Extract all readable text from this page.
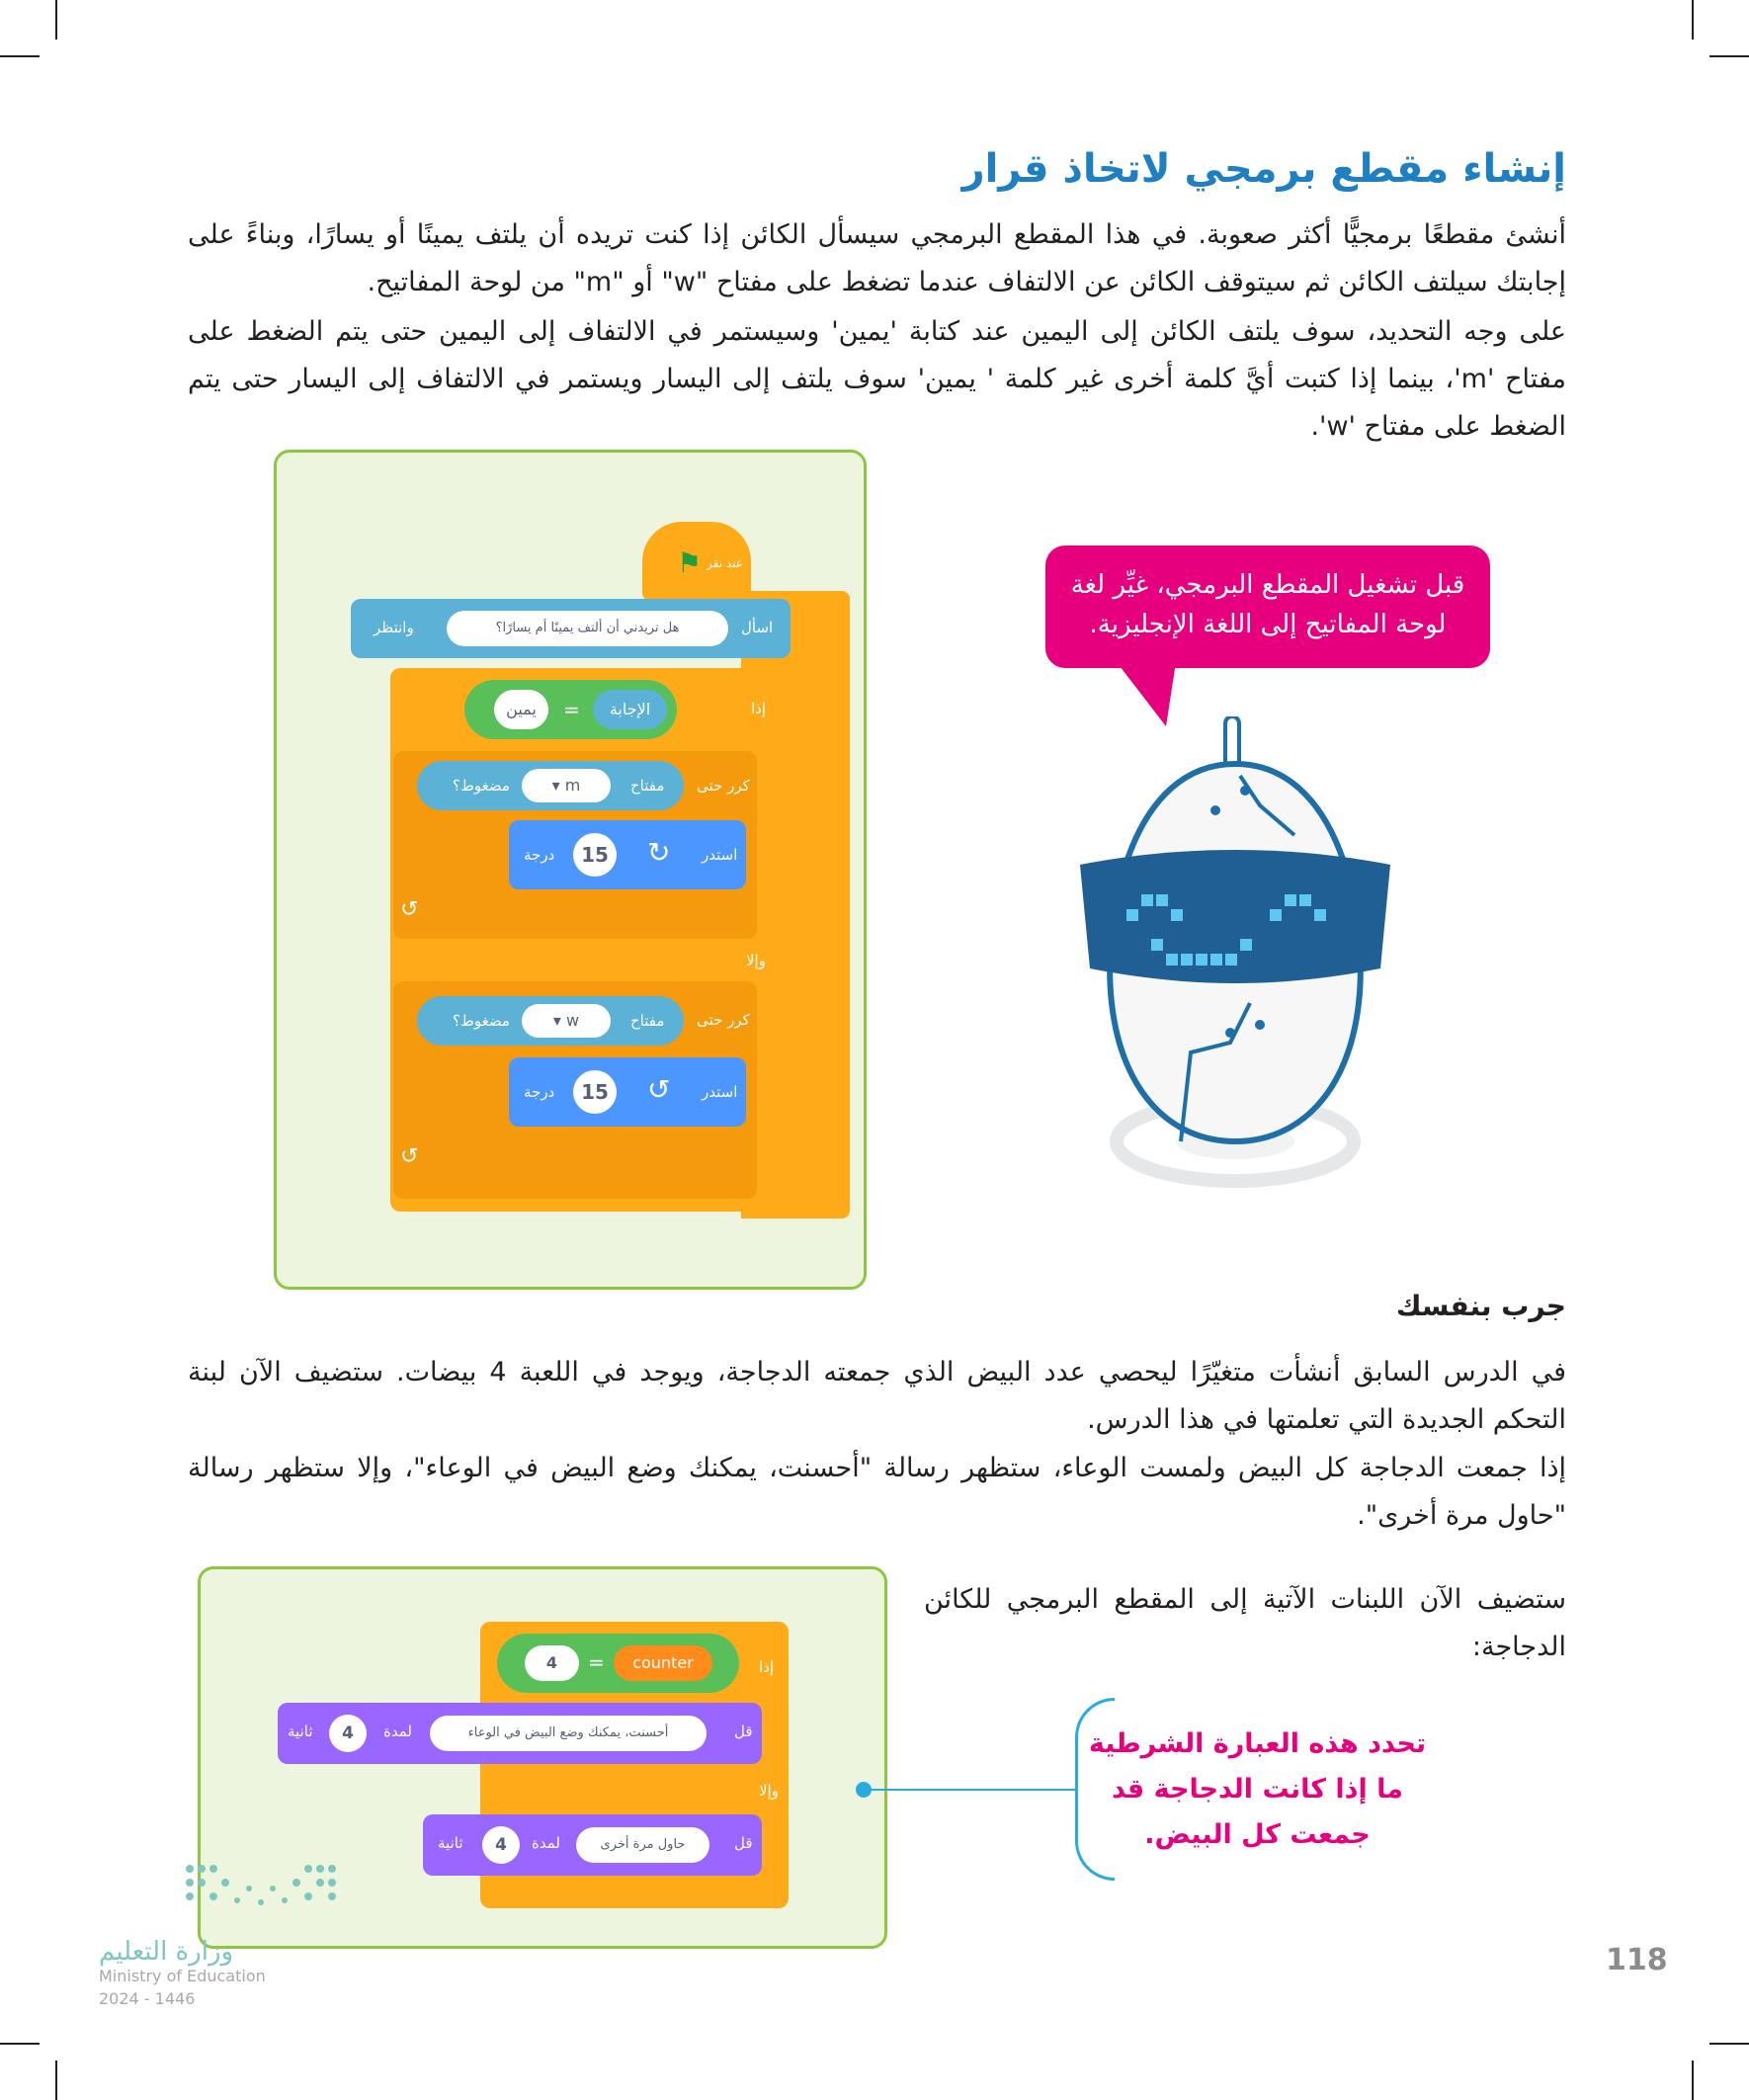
إنشاء مقطع برمجي لاتخاذ قرار

أنشئ مقطعًا برمجيًّا أكثر صعوبة. في هذا المقطع البرمجي سيسأل الكائن إذا كنت تريده أن يلتف يمينًا أو يسارًا، وبناءً على إجابتك سيلتف الكائن ثم سيتوقف الكائن عن الالتفاف عندما تضغط على مفتاح "w" أو "m" من لوحة المفاتيح.

على وجه التحديد، سوف يلتف الكائن إلى اليمين عند كتابة 'يمين' وسيستمر في الالتفاف إلى اليمين حتى يتم الضغط على مفتاح 'm'، بينما إذا كتبت أيَّ كلمة أخرى غير كلمة ' يمين' سوف يلتف إلى اليسار ويستمر في الالتفاف إلى اليسار حتى يتم الضغط على مفتاح 'w'.

عند نقر
⚑
اسأل
هل تريدني أن ألتف يمينًا أم يسارًا؟
وانتظر
إذا
يمين	=	الإجابة
كرر حتى
مفتاح
m ▾
مضغوط؟
استدر
↻
15
درجة
↺
وإلا
كرر حتى
مفتاح
w ▾
مضغوط؟
استدر
↺
15
درجة
↺
قبل تشغيل المقطع البرمجي، غيِّر لغة لوحة المفاتيح إلى اللغة الإنجليزية.
جرب بنفسك

في الدرس السابق أنشأت متغيّرًا ليحصي عدد البيض الذي جمعته الدجاجة، ويوجد في اللعبة 4 بيضات. ستضيف الآن لبنة التحكم الجديدة التي تعلمتها في هذا الدرس.

إذا جمعت الدجاجة كل البيض ولمست الوعاء، ستظهر رسالة "أحسنت، يمكنك وضع البيض في الوعاء"، وإلا ستظهر رسالة "حاول مرة أخرى".

ستضيف الآن اللبنات الآتية إلى المقطع البرمجي للكائن الدجاجة:

إذا
4	=	counter
قل
أحسنت، يمكنك وضع البيض في الوعاء
لمدة
4
ثانية
وإلا
قل
حاول مرة أخرى
لمدة
4
ثانية
تحدد هذه العبارة الشرطية ما إذا كانت الدجاجة قد جمعت كل البيض.
وزارة التعليم
Ministry of Education
2024 - 1446
118
